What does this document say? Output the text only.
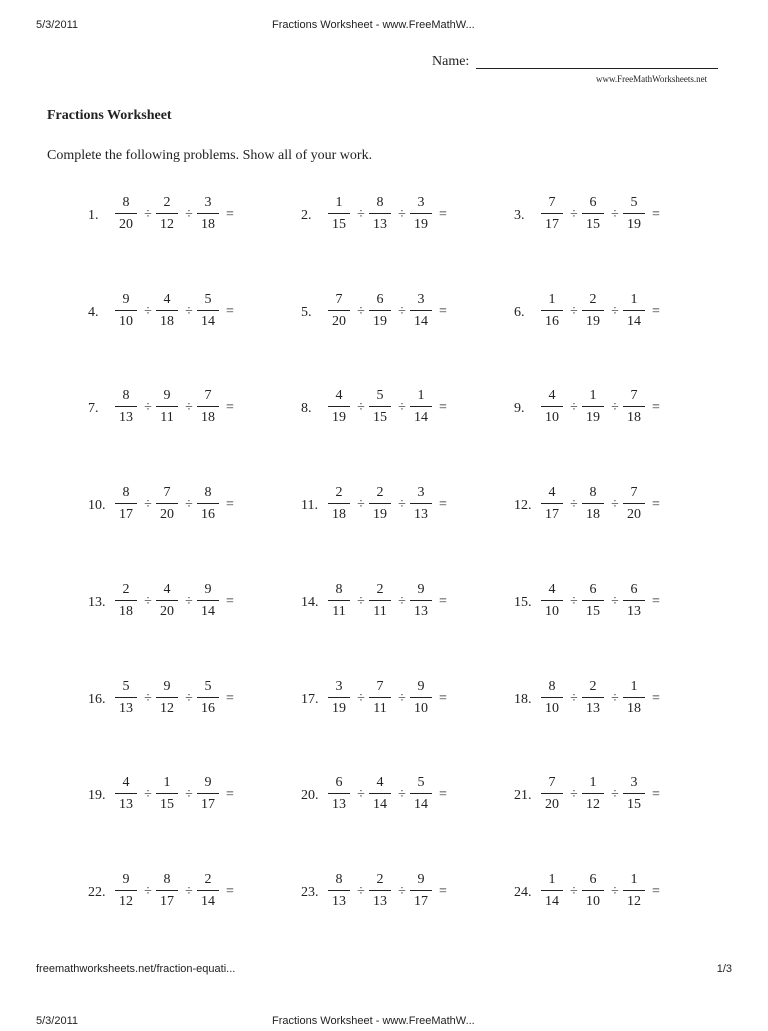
5/3/2011	Fractions Worksheet - www.FreeMathW...
Name:
www.FreeMathWorksheets.net
Fractions Worksheet
Complete the following problems. Show all of your work.
1.
8
20
÷
2
12
÷
3
18
=	2.
1
15
÷
8
13
÷
3
19
=	3.
7
17
÷
6
15
÷
5
19
=
4.
9
10
÷
4
18
÷
5
14
=	5.
7
20
÷
6
19
÷
3
14
=	6.
1
16
÷
2
19
÷
1
14
=
7.
8
13
÷
9
11
÷
7
18
=	8.
4
19
÷
5
15
÷
1
14
=	9.
4
10
÷
1
19
÷
7
18
=
10.
8
17
÷
7
20
÷
8
16
=	11.
2
18
÷
2
19
÷
3
13
=	12.
4
17
÷
8
18
÷
7
20
=
13.
2
18
÷
4
20
÷
9
14
=	14.
8
11
÷
2
11
÷
9
13
=	15.
4
10
÷
6
15
÷
6
13
=
16.
5
13
÷
9
12
÷
5
16
=	17.
3
19
÷
7
11
÷
9
10
=	18.
8
10
÷
2
13
÷
1
18
=
19.
4
13
÷
1
15
÷
9
17
=	20.
6
13
÷
4
14
÷
5
14
=	21.
7
20
÷
1
12
÷
3
15
=
22.
9
12
÷
8
17
÷
2
14
=	23.
8
13
÷
2
13
÷
9
17
=	24.
1
14
÷
6
10
÷
1
12
=
freemathworksheets.net/fraction-equati...	1/3
5/3/2011	Fractions Worksheet - www.FreeMathW...
